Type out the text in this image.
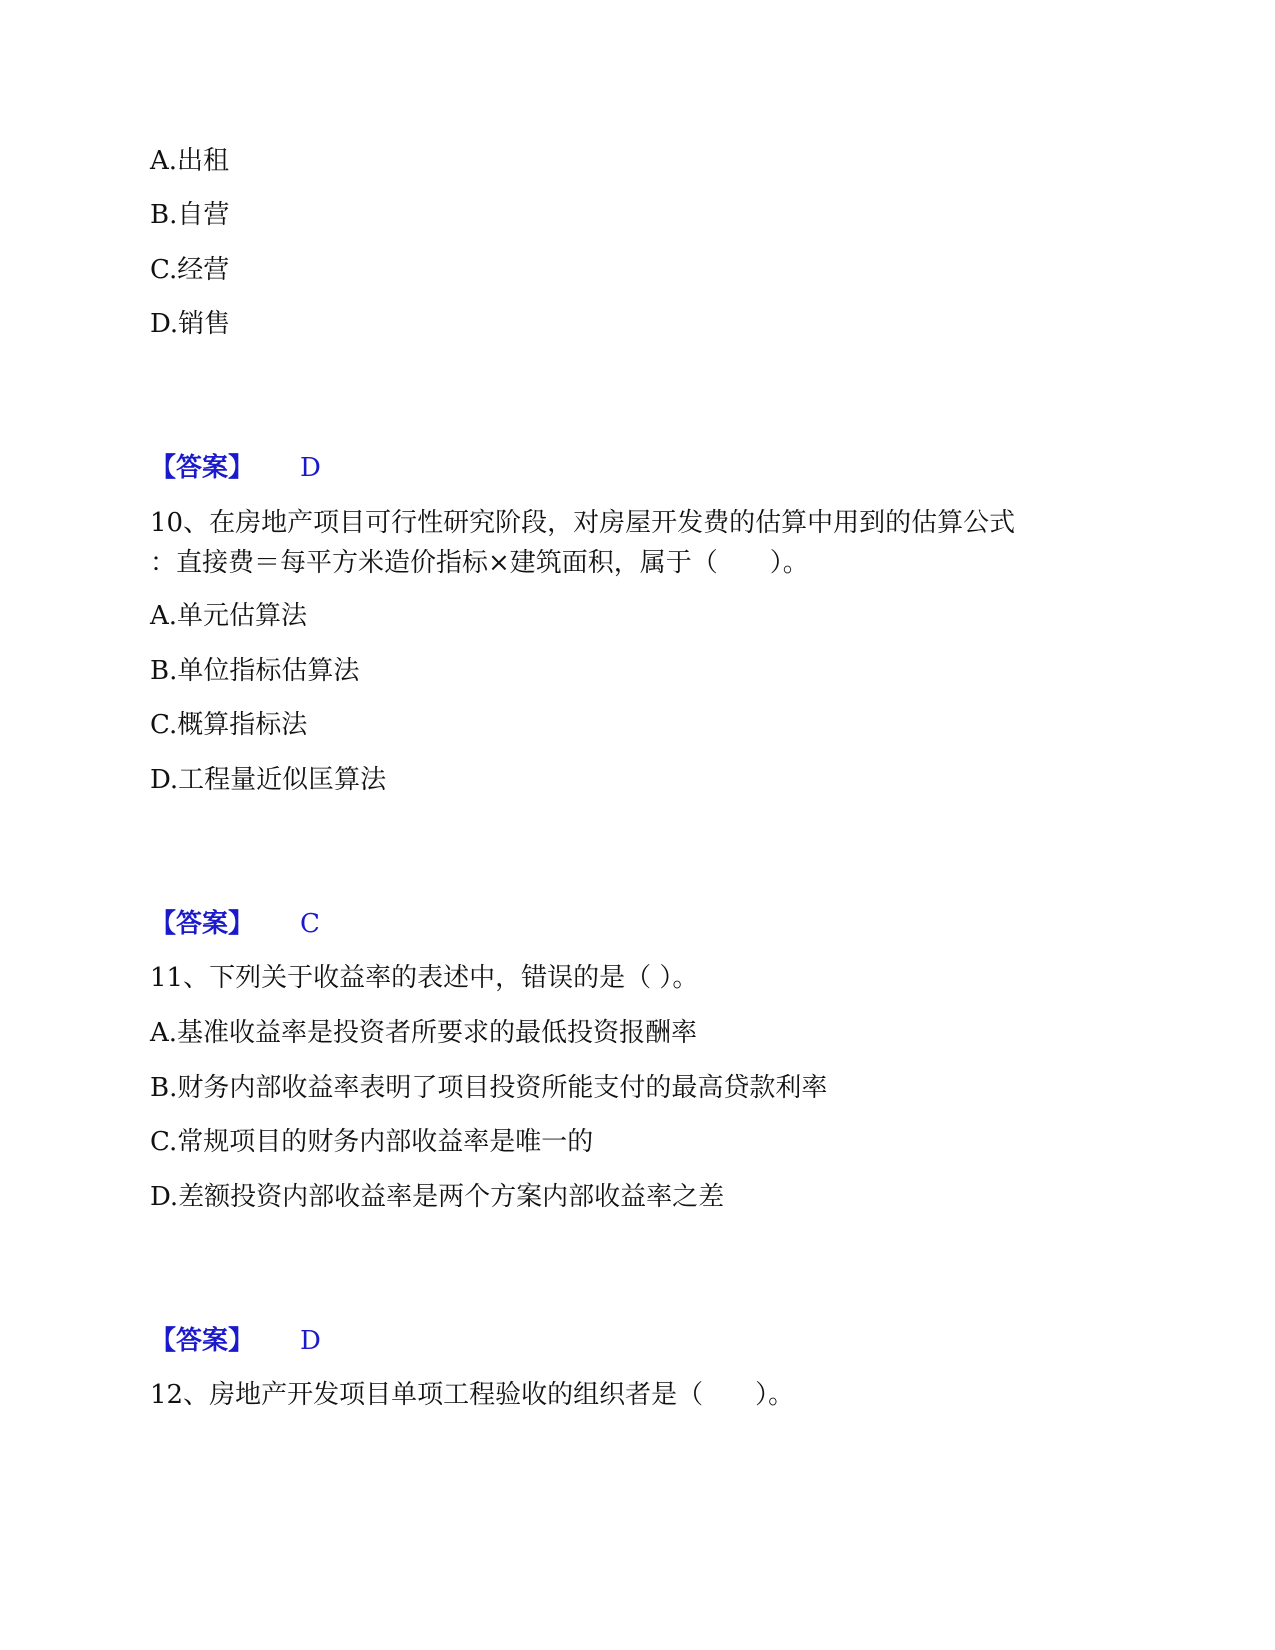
A.出租
B.自营
C.经营
D.销售
【答案】 D
10、在房地产项目可行性研究阶段，对房屋开发费的估算中用到的估算公式
：直接费＝每平方米造价指标×建筑面积，属于（　　）。
A.单元估算法
B.单位指标估算法
C.概算指标法
D.工程量近似匡算法
【答案】 C
11、下列关于收益率的表述中，错误的是（ ）。
A.基准收益率是投资者所要求的最低投资报酬率
B.财务内部收益率表明了项目投资所能支付的最高贷款利率
C.常规项目的财务内部收益率是唯一的
D.差额投资内部收益率是两个方案内部收益率之差
【答案】 D
12、房地产开发项目单项工程验收的组织者是（　　）。
